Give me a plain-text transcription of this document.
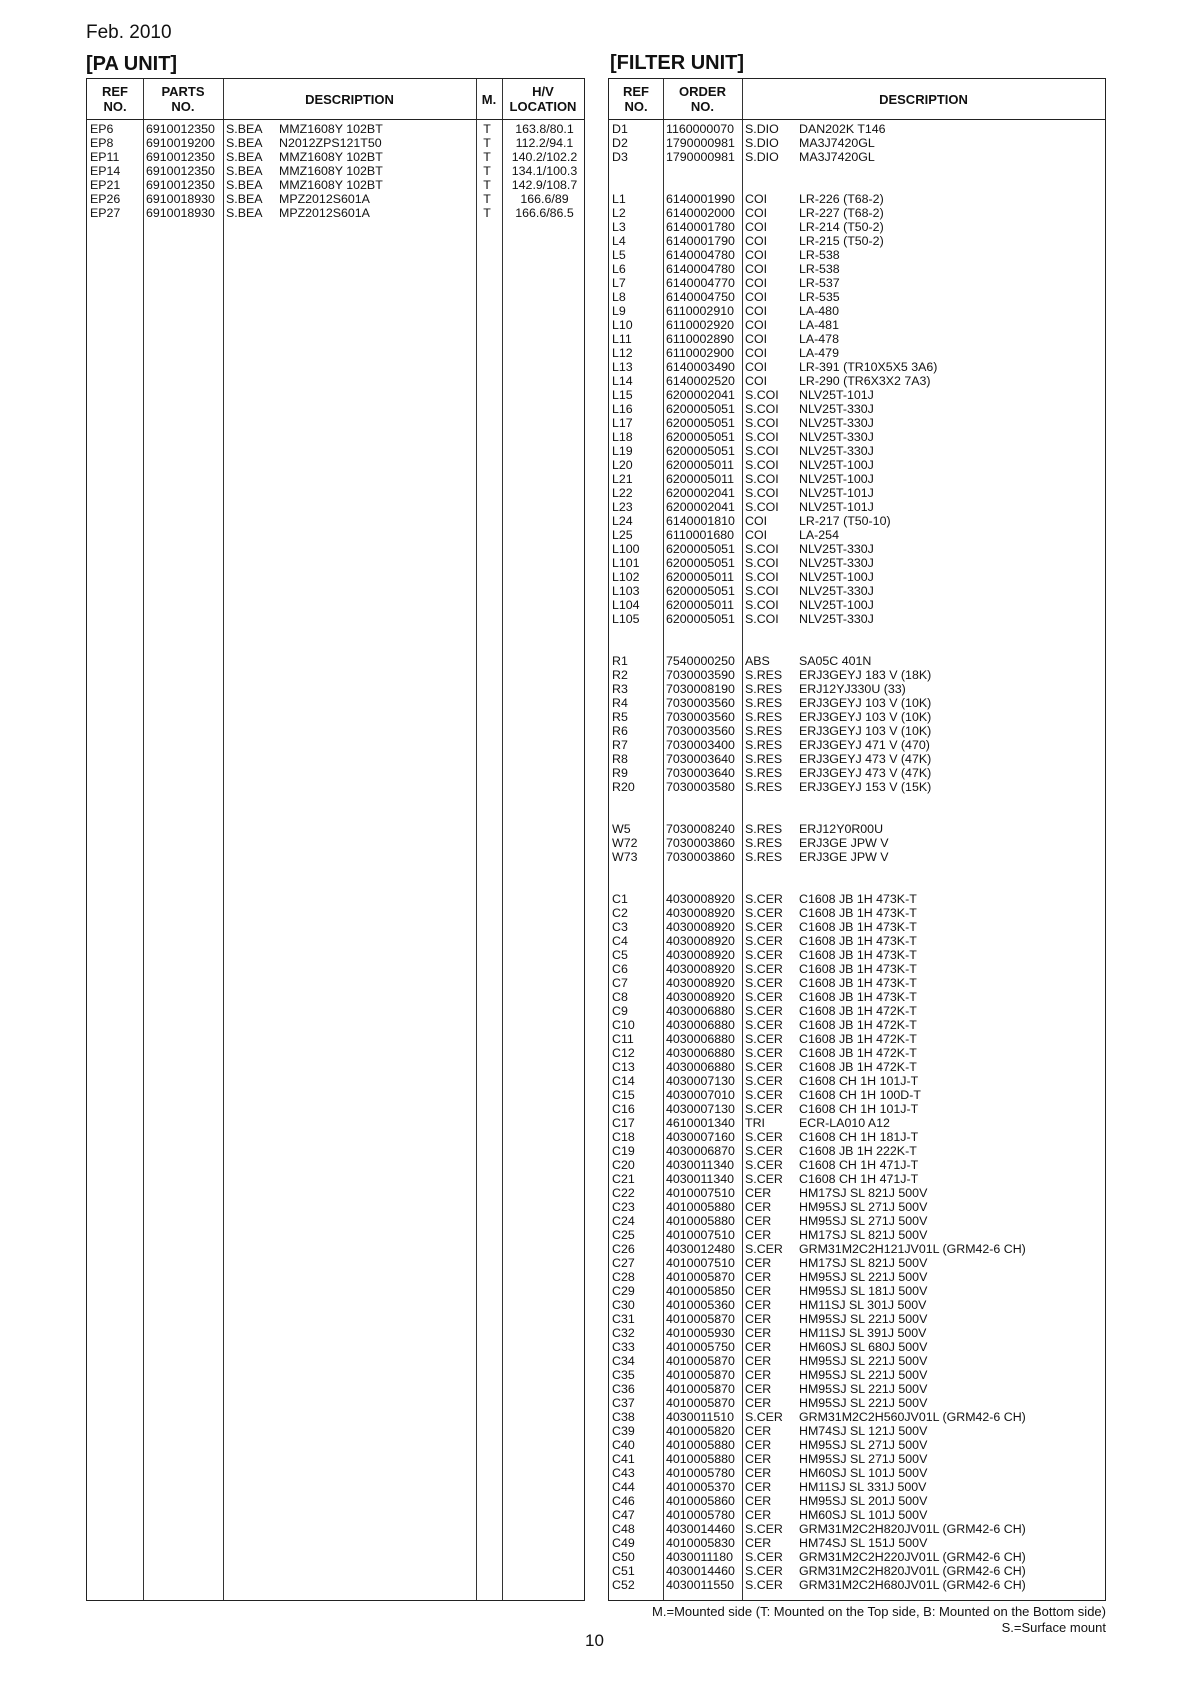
Feb. 2010
[PA UNIT]	[FILTER UNIT]
REF
NO.
PARTS
NO.	DESCRIPTION	M.	H/V
LOCATION
EP6	6910012350 S.BEA MMZ1608Y 102BT	T	163.8/80.1
EP8	6910019200 S.BEA N2012ZPS121T50	T	112.2/94.1
EP11 6910012350 S.BEA MMZ1608Y 102BT	T	140.2/102.2
EP14 6910012350 S.BEA MMZ1608Y 102BT	T	134.1/100.3
EP21 6910012350 S.BEA MMZ1608Y 102BT	T	142.9/108.7
EP26 6910018930 S.BEA MPZ2012S601A	T	166.6/89
EP27 6910018930 S.BEA MPZ2012S601A	T	166.6/86.5
REF
NO.
ORDER
NO.	DESCRIPTION
D1	1160000070 S.DIO DAN202K T146
D2	1790000981 S.DIO MA3J7420GL
D3	1790000981 S.DIO MA3J7420GL
L1	6140001990 COI	LR-226 (T68-2)
L2	6140002000 COI	LR-227 (T68-2)
L3	6140001780 COI	LR-214 (T50-2)
L4	6140001790 COI	LR-215 (T50-2)
L5	6140004780 COI	LR-538
L6	6140004780 COI	LR-538
L7	6140004770 COI	LR-537
L8	6140004750 COI	LR-535
L9	6110002910 COI	LA-480
L10	6110002920 COI	LA-481
L11	6110002890 COI	LA-478
L12	6110002900 COI	LA-479
L13	6140003490 COI	LR-391 (TR10X5X5 3A6)
L14	6140002520 COI	LR-290 (TR6X3X2 7A3)
L15	6200002041 S.COI NLV25T-101J
L16	6200005051 S.COI NLV25T-330J
L17	6200005051 S.COI NLV25T-330J
L18	6200005051 S.COI NLV25T-330J
L19	6200005051 S.COI NLV25T-330J
L20	6200005011 S.COI NLV25T-100J
L21	6200005011 S.COI NLV25T-100J
L22	6200002041 S.COI NLV25T-101J
L23	6200002041 S.COI NLV25T-101J
L24	6140001810 COI	LR-217 (T50-10)
L25	6110001680 COI	LA-254
L100 6200005051 S.COI NLV25T-330J
L101 6200005051 S.COI NLV25T-330J
L102 6200005011 S.COI NLV25T-100J
L103 6200005051 S.COI NLV25T-330J
L104 6200005011 S.COI NLV25T-100J
L105 6200005051 S.COI NLV25T-330J
R1	7540000250 ABS SA05C 401N
R2	7030003590 S.RES ERJ3GEYJ 183 V (18K)
R3	7030008190 S.RES ERJ12YJ330U (33)
R4	7030003560 S.RES ERJ3GEYJ 103 V (10K)
R5	7030003560 S.RES ERJ3GEYJ 103 V (10K)
R6	7030003560 S.RES ERJ3GEYJ 103 V (10K)
R7	7030003400 S.RES ERJ3GEYJ 471 V (470)
R8	7030003640 S.RES ERJ3GEYJ 473 V (47K)
R9	7030003640 S.RES ERJ3GEYJ 473 V (47K)
R20	7030003580 S.RES ERJ3GEYJ 153 V (15K)
W5	7030008240 S.RES ERJ12Y0R00U
W72 7030003860 S.RES ERJ3GE JPW V
W73 7030003860 S.RES ERJ3GE JPW V
C1	4030008920 S.CER C1608 JB 1H 473K-T
C2	4030008920 S.CER C1608 JB 1H 473K-T
C3	4030008920 S.CER C1608 JB 1H 473K-T
C4	4030008920 S.CER C1608 JB 1H 473K-T
C5	4030008920 S.CER C1608 JB 1H 473K-T
C6	4030008920 S.CER C1608 JB 1H 473K-T
C7	4030008920 S.CER C1608 JB 1H 473K-T
C8	4030008920 S.CER C1608 JB 1H 473K-T
C9	4030006880 S.CER C1608 JB 1H 472K-T
C10	4030006880 S.CER C1608 JB 1H 472K-T
C11	4030006880 S.CER C1608 JB 1H 472K-T
C12	4030006880 S.CER C1608 JB 1H 472K-T
C13	4030006880 S.CER C1608 JB 1H 472K-T
C14	4030007130 S.CER C1608 CH 1H 101J-T
C15	4030007010 S.CER C1608 CH 1H 100D-T
C16	4030007130 S.CER C1608 CH 1H 101J-T
C17	4610001340 TRI	ECR-LA010 A12
C18	4030007160 S.CER C1608 CH 1H 181J-T
C19	4030006870 S.CER C1608 JB 1H 222K-T
C20	4030011340 S.CER C1608 CH 1H 471J-T
C21	4030011340 S.CER C1608 CH 1H 471J-T
C22	4010007510 CER HM17SJ SL 821J 500V
C23	4010005880 CER HM95SJ SL 271J 500V
C24	4010005880 CER HM95SJ SL 271J 500V
C25	4010007510 CER HM17SJ SL 821J 500V
C26	4030012480 S.CER GRM31M2C2H121JV01L (GRM42-6 CH)
C27	4010007510 CER HM17SJ SL 821J 500V
C28	4010005870 CER HM95SJ SL 221J 500V
C29	4010005850 CER HM95SJ SL 181J 500V
C30	4010005360 CER HM11SJ SL 301J 500V
C31	4010005870 CER HM95SJ SL 221J 500V
C32	4010005930 CER HM11SJ SL 391J 500V
C33	4010005750 CER HM60SJ SL 680J 500V
C34	4010005870 CER HM95SJ SL 221J 500V
C35	4010005870 CER HM95SJ SL 221J 500V
C36	4010005870 CER HM95SJ SL 221J 500V
C37	4010005870 CER HM95SJ SL 221J 500V
C38	4030011510 S.CER GRM31M2C2H560JV01L (GRM42-6 CH)
C39	4010005820 CER HM74SJ SL 121J 500V
C40	4010005880 CER HM95SJ SL 271J 500V
C41	4010005880 CER HM95SJ SL 271J 500V
C43	4010005780 CER HM60SJ SL 101J 500V
C44	4010005370 CER HM11SJ SL 331J 500V
C46	4010005860 CER HM95SJ SL 201J 500V
C47	4010005780 CER HM60SJ SL 101J 500V
C48	4030014460 S.CER GRM31M2C2H820JV01L (GRM42-6 CH)
C49	4010005830 CER HM74SJ SL 151J 500V
C50	4030011180 S.CER GRM31M2C2H220JV01L (GRM42-6 CH)
C51	4030014460 S.CER GRM31M2C2H820JV01L (GRM42-6 CH)
C52	4030011550 S.CER GRM31M2C2H680JV01L (GRM42-6 CH)
M.=Mounted side (T: Mounted on the Top side, B: Mounted on the Bottom side)
S.=Surface mount
10
